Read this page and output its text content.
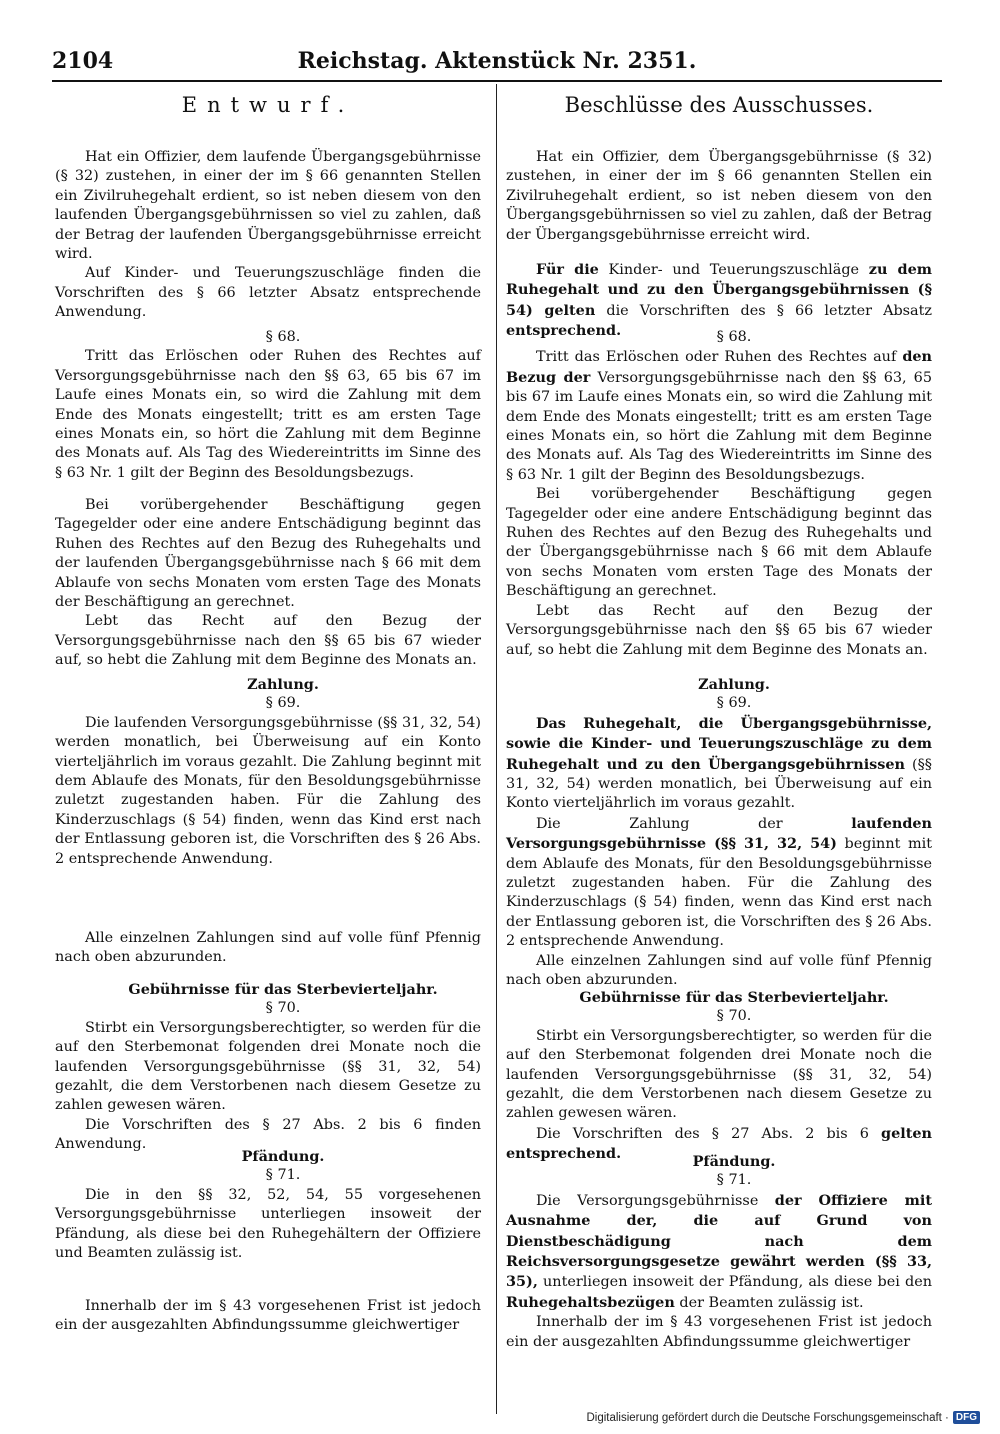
2104	Reichstag. Aktenstück Nr. 2351.
Entwurf.

Hat ein Offizier, dem laufende Übergangsgebührnisse (§ 32) zustehen, in einer der im § 66 genannten Stellen ein Zivilruhegehalt erdient, so ist neben diesem von den laufenden Übergangsgebührnissen so viel zu zahlen, daß der Betrag der laufenden Übergangsgebührnisse erreicht wird.

Auf Kinder- und Teuerungszuschläge finden die Vorschriften des § 66 letzter Absatz entsprechende Anwendung.

§ 68.

Tritt das Erlöschen oder Ruhen des Rechtes auf Versorgungsgebührnisse nach den §§ 63, 65 bis 67 im Laufe eines Monats ein, so wird die Zahlung mit dem Ende des Monats eingestellt; tritt es am ersten Tage eines Monats ein, so hört die Zahlung mit dem Beginne des Monats auf. Als Tag des Wiedereintritts im Sinne des § 63 Nr. 1 gilt der Beginn des Besoldungsbezugs.

Bei vorübergehender Beschäftigung gegen Tagegelder oder eine andere Entschädigung beginnt das Ruhen des Rechtes auf den Bezug des Ruhegehalts und der laufenden Übergangsgebührnisse nach § 66 mit dem Ablaufe von sechs Monaten vom ersten Tage des Monats der Beschäftigung an gerechnet.

Lebt das Recht auf den Bezug der Versorgungsgebührnisse nach den §§ 65 bis 67 wieder auf, so hebt die Zahlung mit dem Beginne des Monats an.

Zahlung.

§ 69.

Die laufenden Versorgungsgebührnisse (§§ 31, 32, 54) werden monatlich, bei Überweisung auf ein Konto vierteljährlich im voraus gezahlt. Die Zahlung beginnt mit dem Ablaufe des Monats, für den Besoldungsgebührnisse zuletzt zugestanden haben. Für die Zahlung des Kinderzuschlags (§ 54) finden, wenn das Kind erst nach der Entlassung geboren ist, die Vorschriften des § 26 Abs. 2 entsprechende Anwendung.

Alle einzelnen Zahlungen sind auf volle fünf Pfennig nach oben abzurunden.

Gebührnisse für das Sterbevierteljahr.

§ 70.

Stirbt ein Versorgungsberechtigter, so werden für die auf den Sterbemonat folgenden drei Monate noch die laufenden Versorgungsgebührnisse (§§ 31, 32, 54) gezahlt, die dem Verstorbenen nach diesem Gesetze zu zahlen gewesen wären.

Die Vorschriften des § 27 Abs. 2 bis 6 finden Anwendung.

Pfändung.

§ 71.

Die in den §§ 32, 52, 54, 55 vorgesehenen Versorgungsgebührnisse unterliegen insoweit der Pfändung, als diese bei den Ruhegehältern der Offiziere und Beamten zulässig ist.

Innerhalb der im § 43 vorgesehenen Frist ist jedoch ein der ausgezahlten Abfindungssumme gleichwertiger

Beschlüsse des Ausschusses.

Hat ein Offizier, dem Übergangsgebührnisse (§ 32) zustehen, in einer der im § 66 genannten Stellen ein Zivilruhegehalt erdient, so ist neben diesem von den Übergangsgebührnissen so viel zu zahlen, daß der Betrag der Übergangsgebührnisse erreicht wird.

Für die Kinder- und Teuerungszuschläge zu dem Ruhegehalt und zu den Übergangsgebührnissen (§ 54) gelten die Vorschriften des § 66 letzter Absatz entsprechend.	§ 68.

Tritt das Erlöschen oder Ruhen des Rechtes auf den Bezug der Versorgungsgebührnisse nach den §§ 63, 65 bis 67 im Laufe eines Monats ein, so wird die Zahlung mit dem Ende des Monats eingestellt; tritt es am ersten Tage eines Monats ein, so hört die Zahlung mit dem Beginne des Monats auf. Als Tag des Wiedereintritts im Sinne des § 63 Nr. 1 gilt der Beginn des Besoldungsbezugs.

Bei vorübergehender Beschäftigung gegen Tagegelder oder eine andere Entschädigung beginnt das Ruhen des Rechtes auf den Bezug des Ruhegehalts und der Übergangsgebührnisse nach § 66 mit dem Ablaufe von sechs Monaten vom ersten Tage des Monats der Beschäftigung an gerechnet.

Lebt das Recht auf den Bezug der Versorgungsgebührnisse nach den §§ 65 bis 67 wieder auf, so hebt die Zahlung mit dem Beginne des Monats an.

Zahlung.

§ 69.

Das Ruhegehalt, die Übergangsgebührnisse, sowie die Kinder- und Teuerungszuschläge zu dem Ruhegehalt und zu den Übergangsgebührnissen (§§ 31, 32, 54) werden monatlich, bei Überweisung auf ein Konto vierteljährlich im voraus gezahlt.

Die Zahlung der laufenden Versorgungsgebührnisse (§§ 31, 32, 54) beginnt mit dem Ablaufe des Monats, für den Besoldungsgebührnisse zuletzt zugestanden haben. Für die Zahlung des Kinderzuschlags (§ 54) finden, wenn das Kind erst nach der Entlassung geboren ist, die Vorschriften des § 26 Abs. 2 entsprechende Anwendung.

Alle einzelnen Zahlungen sind auf volle fünf Pfennig nach oben abzurunden.

Gebührnisse für das Sterbevierteljahr.

§ 70.

Stirbt ein Versorgungsberechtigter, so werden für die auf den Sterbemonat folgenden drei Monate noch die laufenden Versorgungsgebührnisse (§§ 31, 32, 54) gezahlt, die dem Verstorbenen nach diesem Gesetze zu zahlen gewesen wären.

Die Vorschriften des § 27 Abs. 2 bis 6 gelten entsprechend.	Pfändung.

§ 71.

Die Versorgungsgebührnisse der Offiziere mit Ausnahme der, die auf Grund von Dienstbeschädigung nach dem Reichsversorgungsgesetze gewährt werden (§§ 33, 35), unterliegen insoweit der Pfändung, als diese bei den Ruhegehaltsbezügen der Beamten zulässig ist.

Innerhalb der im § 43 vorgesehenen Frist ist jedoch ein der ausgezahlten Abfindungssumme gleichwertiger

Digitalisierung gefördert durch die Deutsche Forschungsgemeinschaft · DFG
